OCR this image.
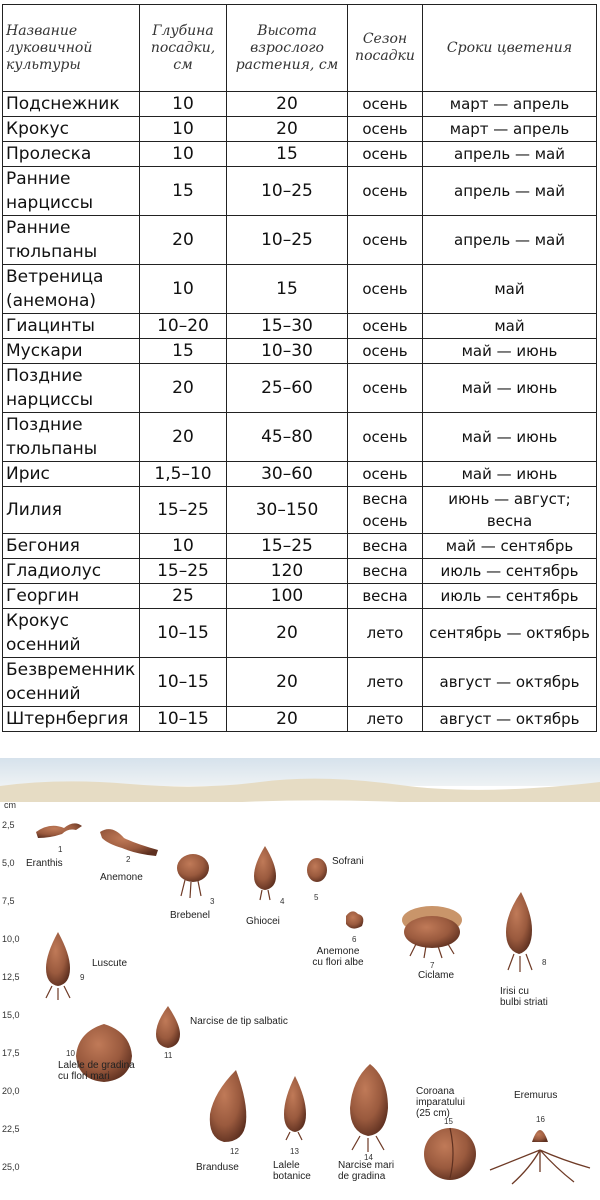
Название луковичной культуры	Глубина посадки, см	Высота взрослого растения, см	Сезон посадки	Сроки цветения
Подснежник	10	20	осень	март — апрель
Крокус	10	20	осень	март — апрель
Пролеска	10	15	осень	апрель — май
Ранние нарциссы	15	10–25	осень	апрель — май
Ранние тюльпаны	20	10–25	осень	апрель — май
Ветреница (анемона)	10	15	осень	май
Гиацинты	10–20	15–30	осень	май
Мускари	15	10–30	осень	май — июнь
Поздние нарциссы	20	25–60	осень	май — июнь
Поздние тюльпаны	20	45–80	осень	май — июнь
Ирис	1,5–10	30–60	осень	май — июнь
Лилия	15–25	30–150	весна осень	июнь — август; весна
Бегония	10	15–25	весна	май — сентябрь
Гладиолус	15–25	120	весна	июль — сентябрь
Георгин	25	100	весна	июль — сентябрь
Крокус осенний	10–15	20	лето	сентябрь — октябрь
Безвременник осенний	10–15	20	лето	август — октябрь
Штернбергия	10–15	20	лето	август — октябрь
cm
2,5
5,0
7,5
10,0
12,5
15,0
17,5
20,0
22,5
25,0
1
2
3	4	5
6
7	8
9
10	11
12	13
14
15	16
Eranthis
Anemone
Brebenel
Ghiocei
Sofrani
Anemone cu flori albe
Ciclame
Irisi cu bulbi striati
Luscute
Lalele de gradina cu flori mari
Narcise de tip salbatic
Branduse	Lalele botanice
Narcise mari de gradina
Coroana imparatului (25 cm)
Eremurus
